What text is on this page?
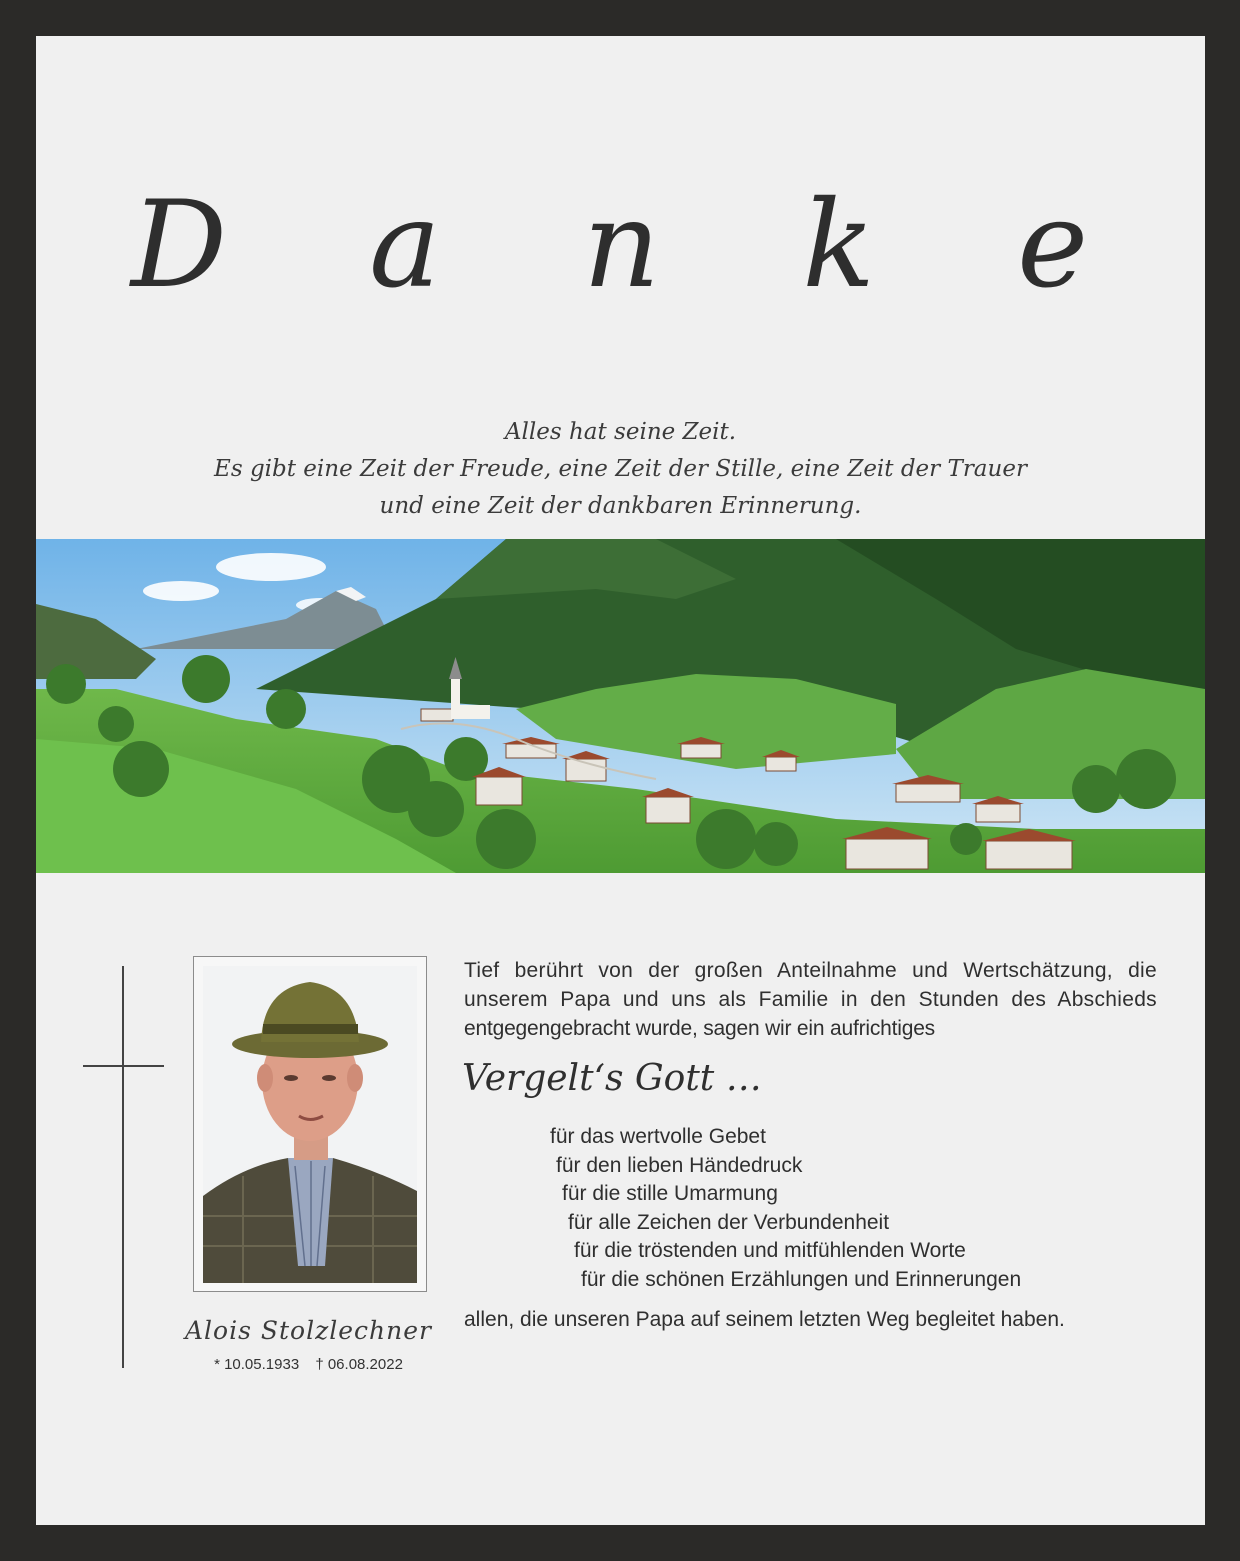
D a n k e
Alles hat seine Zeit.
Es gibt eine Zeit der Freude, eine Zeit der Stille, eine Zeit der Trauer
und eine Zeit der dankbaren Erinnerung.
Alois Stolzlechner
* 10.05.1933 † 06.08.2022
Tief berührt von der großen Anteilnahme und Wertschätzung, die
unserem Papa und uns als Familie in den Stunden des Abschieds
entgegengebracht wurde, sagen wir ein aufrichtiges
Vergelt‘s Gott …
für das wertvolle Gebet
für den lieben Händedruck
für die stille Umarmung
für alle Zeichen der Verbundenheit
für die tröstenden und mitfühlenden Worte
für die schönen Erzählungen und Erinnerungen
allen, die unseren Papa auf seinem letzten Weg begleitet haben.
